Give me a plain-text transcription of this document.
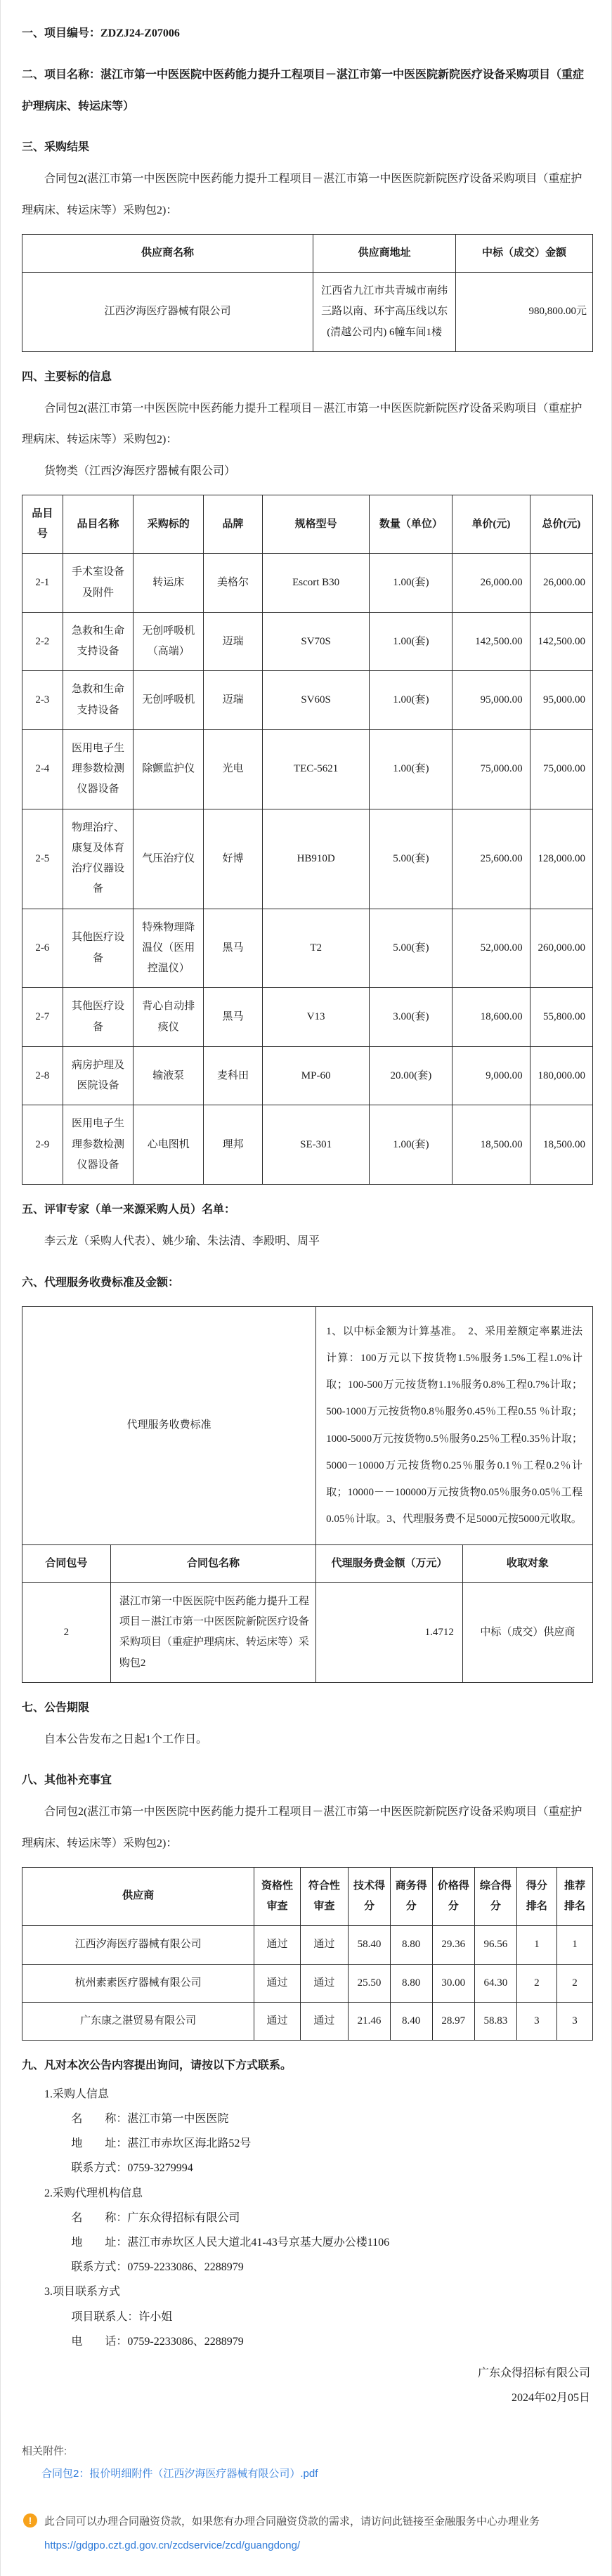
一、项目编号：ZDZJ24-Z07006
二、项目名称：湛江市第一中医医院中医药能力提升工程项目－湛江市第一中医医院新院医疗设备采购项目（重症护理病床、转运床等）
三、采购结果

合同包2(湛江市第一中医医院中医药能力提升工程项目－湛江市第一中医医院新院医疗设备采购项目（重症护理病床、转运床等）采购包2)：

供应商名称	供应商地址	中标（成交）金额
江西汐海医疗器械有限公司	江西省九江市共青城市南纬三路以南、环宇高压线以东(清越公司内) 6幢车间1楼	980,800.00元
四、主要标的信息

合同包2(湛江市第一中医医院中医药能力提升工程项目－湛江市第一中医医院新院医疗设备采购项目（重症护理病床、转运床等）采购包2)：

货物类（江西汐海医疗器械有限公司）

品目号	品目名称	采购标的	品牌	规格型号	数量（单位）	单价(元)	总价(元)
2-1	手术室设备及附件	转运床	美格尔	Escort B30	1.00(套)	26,000.00	26,000.00
2-2	急救和生命支持设备	无创呼吸机（高端）	迈瑞	SV70S	1.00(套)	142,500.00	142,500.00
2-3	急救和生命支持设备	无创呼吸机	迈瑞	SV60S	1.00(套)	95,000.00	95,000.00
2-4	医用电子生理参数检测仪器设备	除颤监护仪	光电	TEC-5621	1.00(套)	75,000.00	75,000.00
2-5	物理治疗、康复及体育治疗仪器设备	气压治疗仪	好博	HB910D	5.00(套)	25,600.00	128,000.00
2-6	其他医疗设备	特殊物理降温仪（医用控温仪）	黑马	T2	5.00(套)	52,000.00	260,000.00
2-7	其他医疗设备	背心自动排痰仪	黑马	V13	3.00(套)	18,600.00	55,800.00
2-8	病房护理及医院设备	输液泵	麦科田	MP-60	20.00(套)	9,000.00	180,000.00
2-9	医用电子生理参数检测仪器设备	心电图机	理邦	SE-301	1.00(套)	18,500.00	18,500.00
五、评审专家（单一来源采购人员）名单：

李云龙（采购人代表）、姚少瑜、朱法清、李殿明、周平

六、代理服务收费标准及金额：
代理服务收费标准		1、以中标金额为计算基准。　2、采用差额定率累进法计算：100万元以下按货物1.5%服务1.5%工程1.0%计取；100-500万元按货物1.1%服务0.8%工程0.7%计取；500-1000万元按货物0.8％服务0.45％工程0.55 ％计取；1000-5000万元按货物0.5％服务0.25％工程0.35％计取；5000－10000万元按货物0.25％服务0.1％工程0.2％计取；10000－－100000万元按货物0.05％服务0.05％工程0.05％计取。3、代理服务费不足5000元按5000元收取。	
合同包号	合同包名称	代理服务费金额（万元）	收取对象
2	湛江市第一中医医院中医药能力提升工程项目－湛江市第一中医医院新院医疗设备采购项目（重症护理病床、转运床等）采购包2	1.4712	中标（成交）供应商
七、公告期限

自本公告发布之日起1个工作日。

八、其他补充事宜

合同包2(湛江市第一中医医院中医药能力提升工程项目－湛江市第一中医医院新院医疗设备采购项目（重症护理病床、转运床等）采购包2)：

供应商	资格性审查	符合性审查	技术得分	商务得分	价格得分	综合得分	得分排名	推荐排名
江西汐海医疗器械有限公司	通过	通过	58.40	8.80	29.36	96.56	1	1
杭州素素医疗器械有限公司	通过	通过	25.50	8.80	30.00	64.30	2	2
广东康之湛贸易有限公司	通过	通过	21.46	8.40	28.97	58.83	3	3
九、凡对本次公告内容提出询问，请按以下方式联系。
1.采购人信息
名　　称：湛江市第一中医医院
地　　址：湛江市赤坎区海北路52号
联系方式：0759-3279994
2.采购代理机构信息
名　　称：广东众得招标有限公司
地　　址：湛江市赤坎区人民大道北41-43号京基大厦办公楼1106
联系方式：0759-2233086、2288979
3.项目联系方式
项目联系人：许小姐
电　　话：0759-2233086、2288979
广东众得招标有限公司
2024年02月05日
相关附件:
合同包2：报价明细附件（江西汐海医疗器械有限公司）.pdf
!	此合同可以办理合同融资贷款，如果您有办理合同融资贷款的需求，请访问此链接至金融服务中心办理业务
https://gdgpo.czt.gd.gov.cn/zcdservice/zcd/guangdong/
